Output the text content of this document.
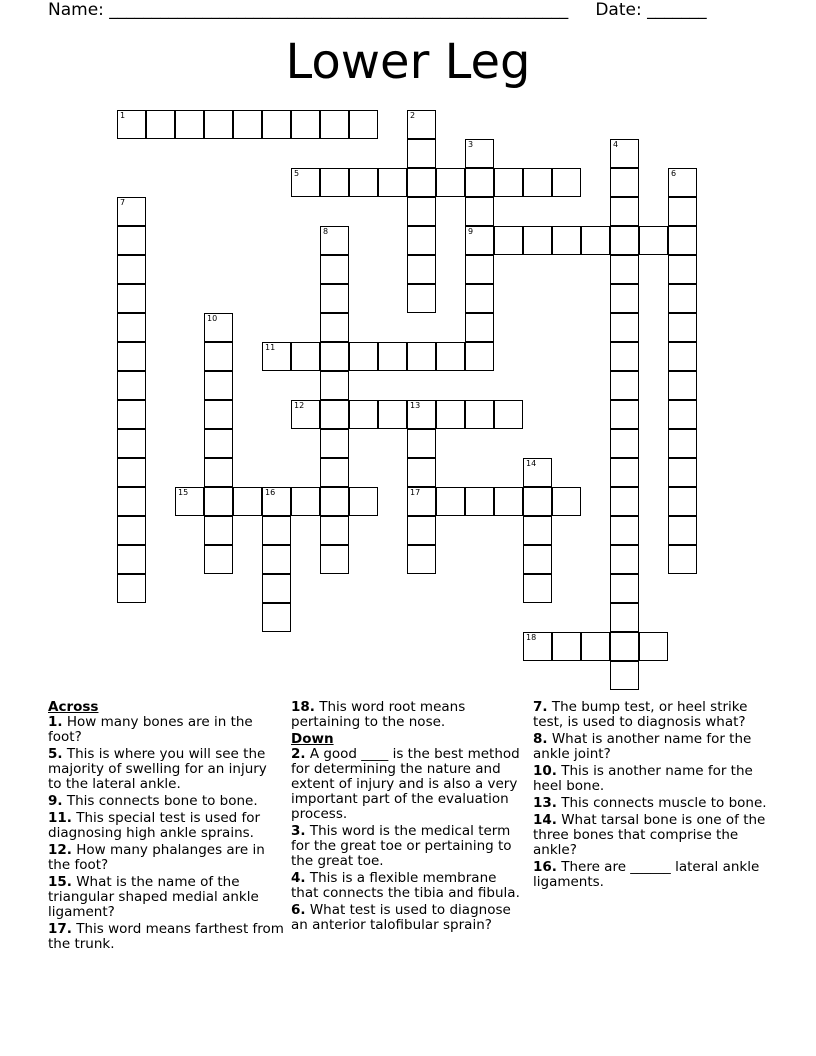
Name: ______________________________________________________ Date: _______
Lower Leg
1	2
3
9
4
5	6
7
8
10
11
12	13
17
14
15	16
18
Across
1. How many bones are in the foot?
5. This is where you will see the majority of swelling for an injury to the lateral ankle.
9. This connects bone to bone.
11. This special test is used for diagnosing high ankle sprains.
12. How many phalanges are in the foot?
15. What is the name of the triangular shaped medial ankle ligament?
17. This word means farthest from the trunk.
18. This word root means pertaining to the nose.
Down
2. A good ____ is the best method for determining the nature and extent of injury and is also a very important part of the evaluation process.
3. This word is the medical term for the great toe or pertaining to the great toe.
4. This is a flexible membrane that connects the tibia and fibula.
6. What test is used to diagnose an anterior talofibular sprain?
7. The bump test, or heel strike test, is used to diagnosis what?
8. What is another name for the ankle joint?
10. This is another name for the heel bone.
13. This connects muscle to bone.
14. What tarsal bone is one of the three bones that comprise the ankle?
16. There are ______ lateral ankle ligaments.
